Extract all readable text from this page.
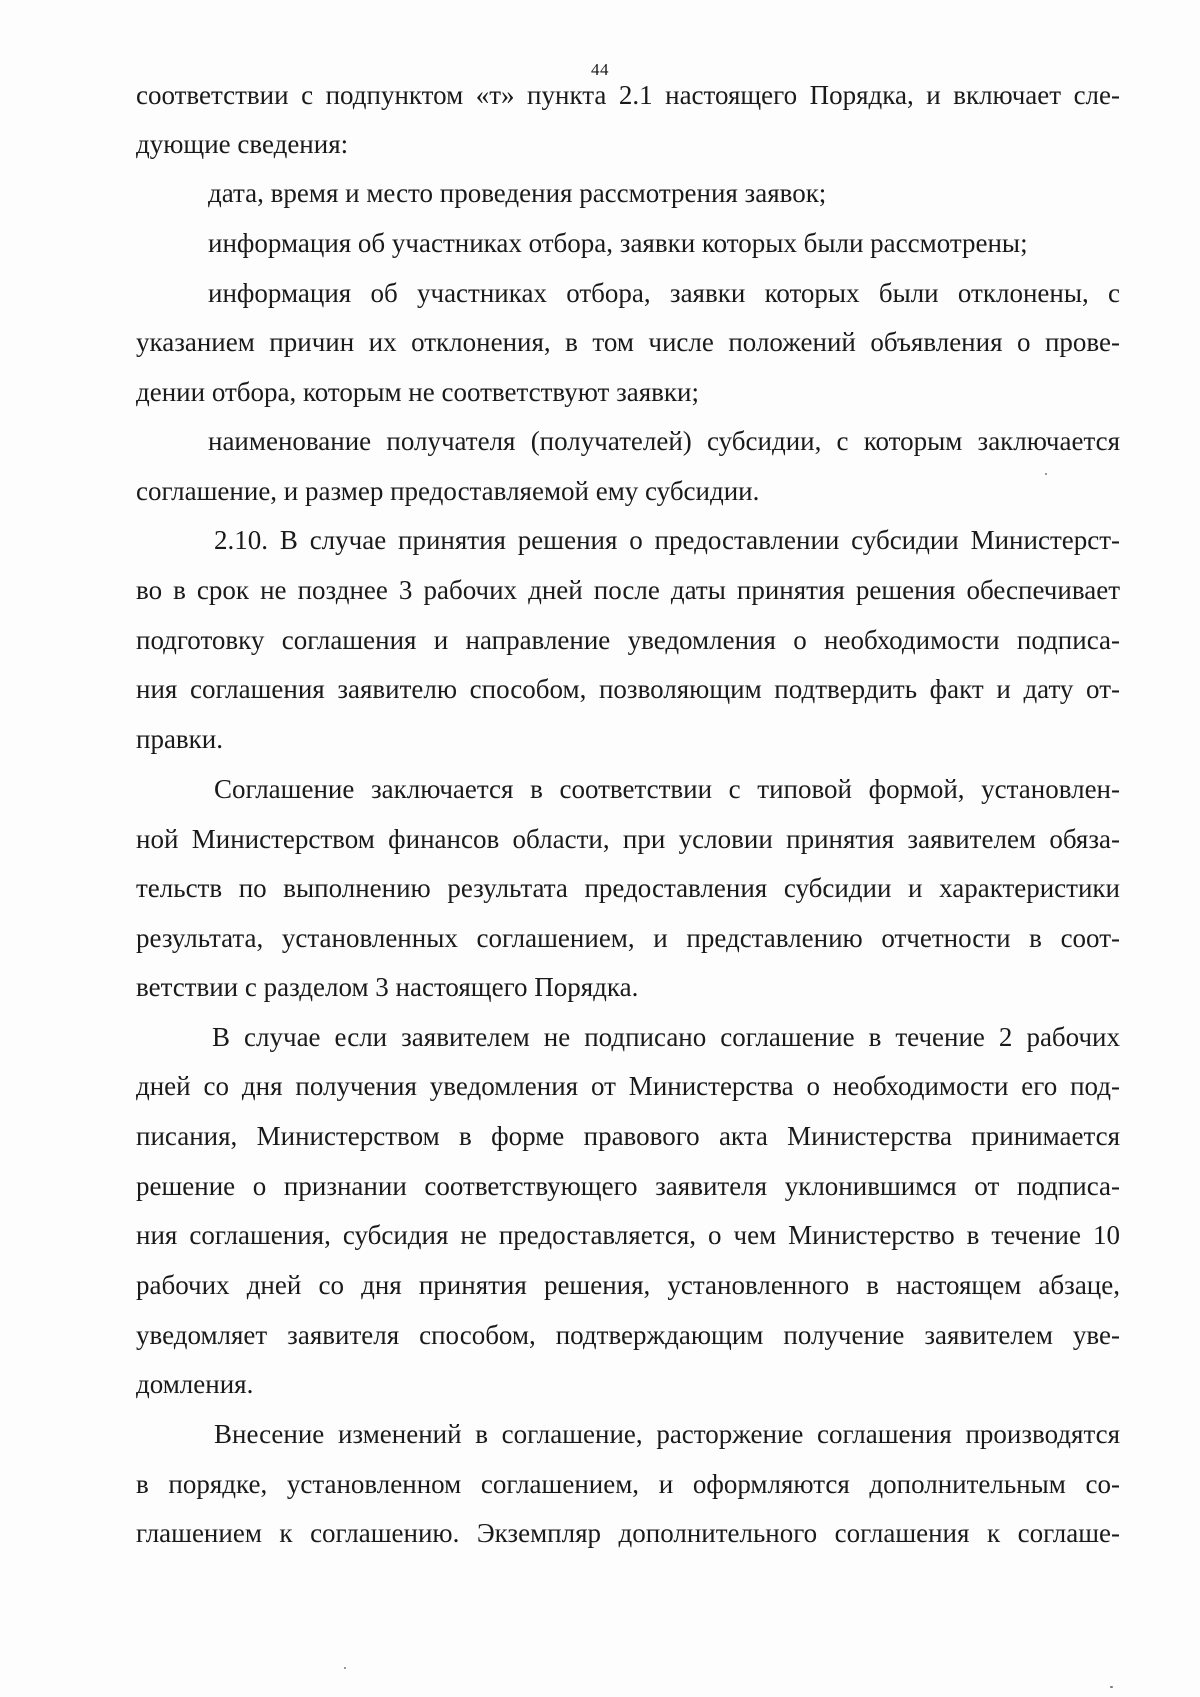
44
соответствии с подпунктом «т» пункта 2.1 настоящего Порядка, и включает сле-
дующие сведения:
дата, время и место проведения рассмотрения заявок;
информация об участниках отбора, заявки которых были рассмотрены;
информация об участниках отбора, заявки которых были отклонены, с
указанием причин их отклонения, в том числе положений объявления о прове-
дении отбора, которым не соответствуют заявки;
наименование получателя (получателей) субсидии, с которым заключается
соглашение, и размер предоставляемой ему субсидии.
2.10. В случае принятия решения о предоставлении субсидии Министерст-
во в срок не позднее 3 рабочих дней после даты принятия решения обеспечивает
подготовку соглашения и направление уведомления о необходимости подписа-
ния соглашения заявителю способом, позволяющим подтвердить факт и дату от-
правки.
Соглашение заключается в соответствии с типовой формой, установлен-
ной Министерством финансов области, при условии принятия заявителем обяза-
тельств по выполнению результата предоставления субсидии и характеристики
результата, установленных соглашением, и представлению отчетности в соот-
ветствии с разделом 3 настоящего Порядка.
В случае если заявителем не подписано соглашение в течение 2 рабочих
дней со дня получения уведомления от Министерства о необходимости его под-
писания, Министерством в форме правового акта Министерства принимается
решение о признании соответствующего заявителя уклонившимся от подписа-
ния соглашения, субсидия не предоставляется, о чем Министерство в течение 10
рабочих дней со дня принятия решения, установленного в настоящем абзаце,
уведомляет заявителя способом, подтверждающим получение заявителем уве-
домления.
Внесение изменений в соглашение, расторжение соглашения производятся
в порядке, установленном соглашением, и оформляются дополнительным со-
глашением к соглашению. Экземпляр дополнительного соглашения к соглаше-
